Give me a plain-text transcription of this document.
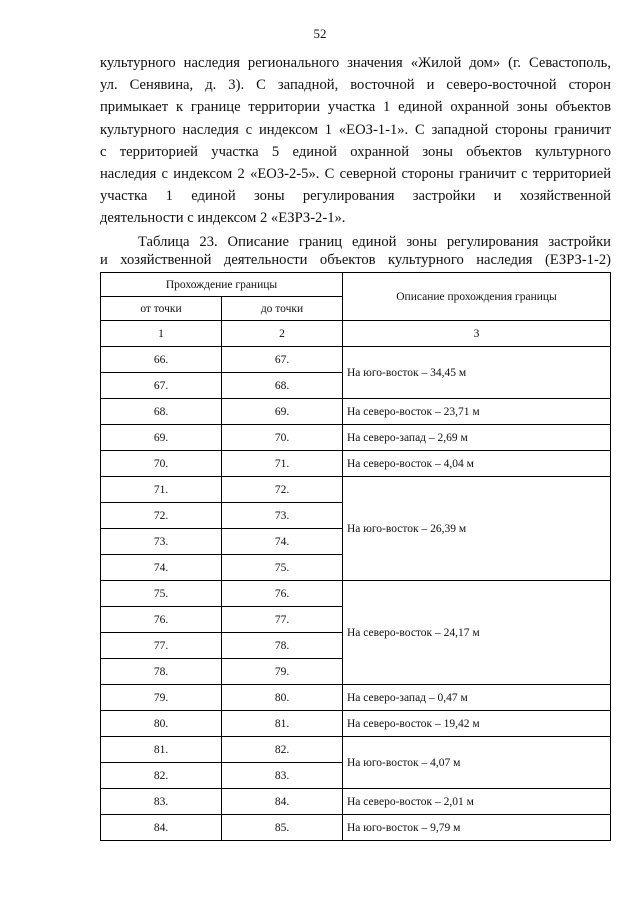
52

культурного наследия регионального значения «Жилой дом» (г. Севастополь,
ул. Сенявина, д. 3). С западной, восточной и северо-восточной сторон
примыкает к границе территории участка 1 единой охранной зоны объектов
культурного наследия с индексом 1 «ЕОЗ-1-1». С западной стороны граничит
с территорией участка 5 единой охранной зоны объектов культурного
наследия с индексом 2 «ЕОЗ-2-5». С северной стороны граничит с территорией
участка 1 единой зоны регулирования застройки и хозяйственной
деятельности с индексом 2 «ЕЗРЗ-2-1».

Таблица 23. Описание границ единой зоны регулирования застройки
и хозяйственной деятельности объектов культурного наследия (ЕЗРЗ-1-2)

Прохождение границы		Описание прохождения границы
от точки	до точки	
1	2	3
66.	67.	На юго-восток – 34,45 м
67.	68.	
68.	69.	На северо-восток – 23,71 м
69.	70.	На северо-запад – 2,69 м
70.	71.	На северо-восток – 4,04 м
71.	72.	На юго-восток – 26,39 м
72.	73.	
73.	74.	
74.	75.	
75.	76.	На северо-восток – 24,17 м
76.	77.	
77.	78.	
78.	79.	
79.	80.	На северо-запад – 0,47 м
80.	81.	На северо-восток – 19,42 м
81.	82.	На юго-восток – 4,07 м
82.	83.	
83.	84.	На северо-восток – 2,01 м
84.	85.	На юго-восток – 9,79 м
